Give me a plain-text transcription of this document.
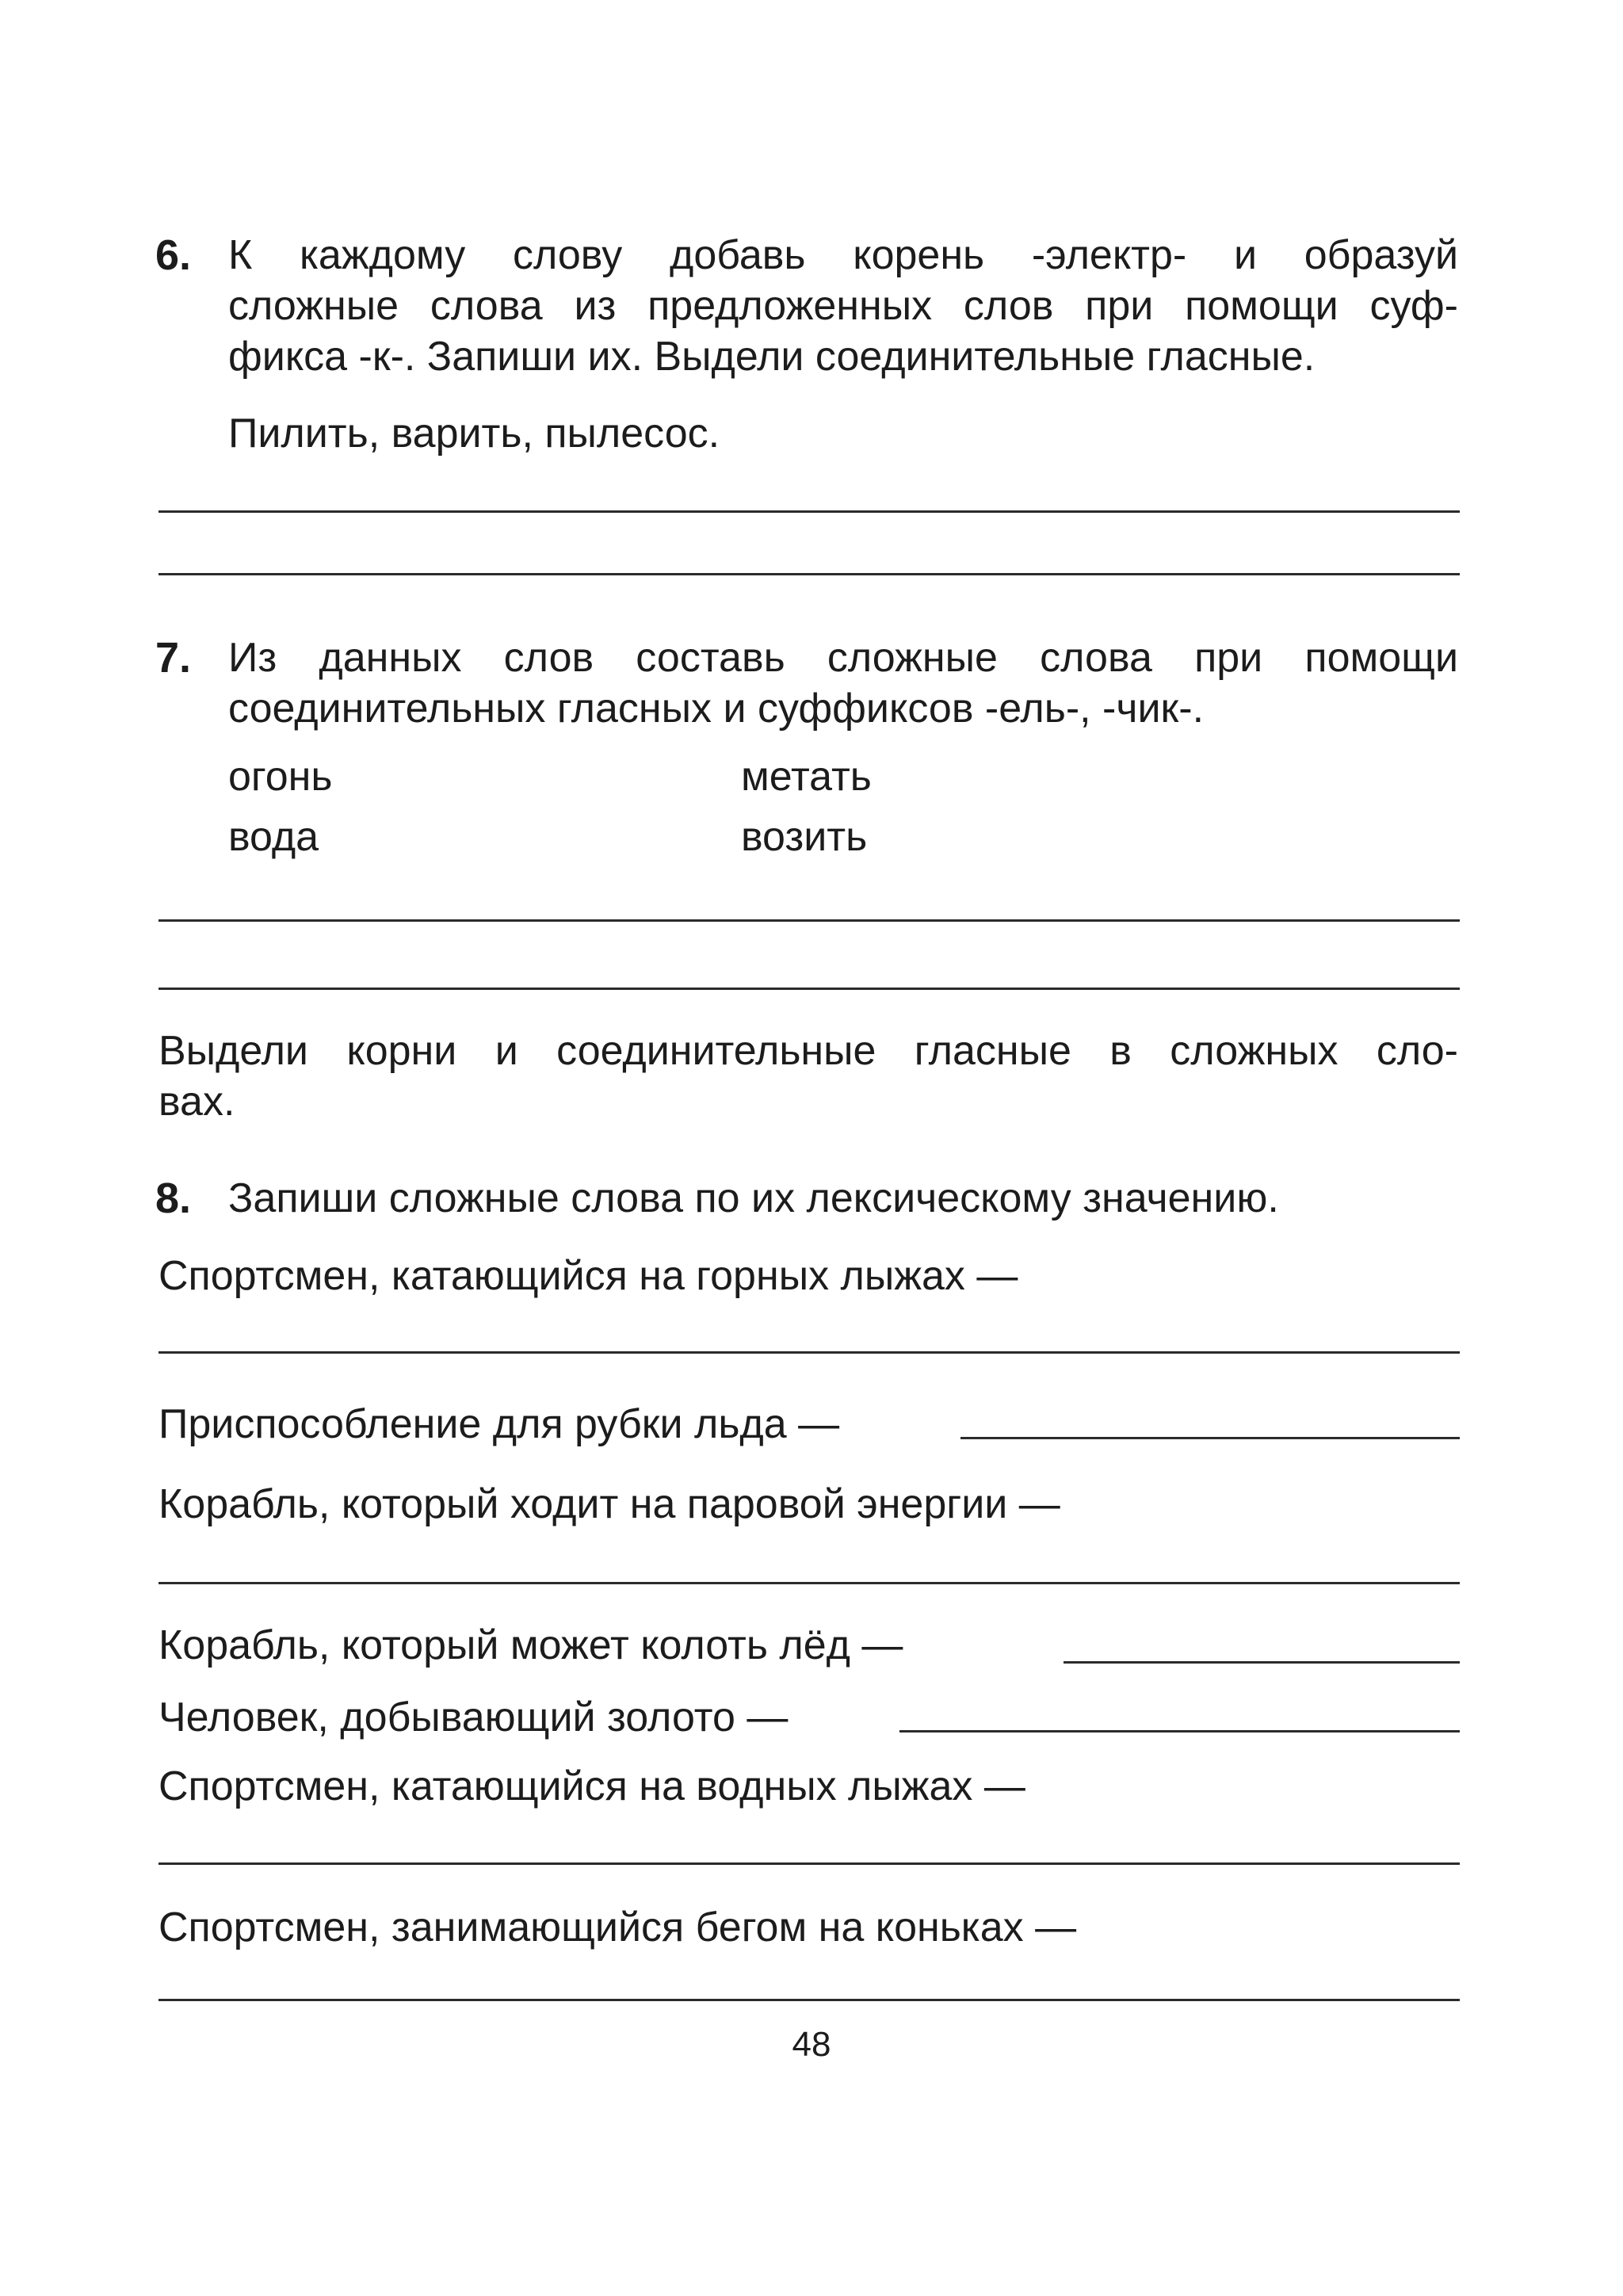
6. К каждому слову добавь корень -электр- и образуй
сложные слова из предложенных слов при помощи суф-
фикса -к-. Запиши их. Выдели соединительные гласные.
Пилить, варить, пылесос.
7. Из данных слов составь сложные слова при помощи
соединительных гласных и суффиксов -ель-, -чик-.
огонь
вода
метать
возить
Выдели корни и соединительные гласные в сложных сло-
вах.
8. Запиши сложные слова по их лексическому значению.
Спортсмен, катающийся на горных лыжах —
Приспособление для рубки льда —
Корабль, который ходит на паровой энергии —
Корабль, который может колоть лёд —
Человек, добывающий золото —
Спортсмен, катающийся на водных лыжах —
Спортсмен, занимающийся бегом на коньках —
48
